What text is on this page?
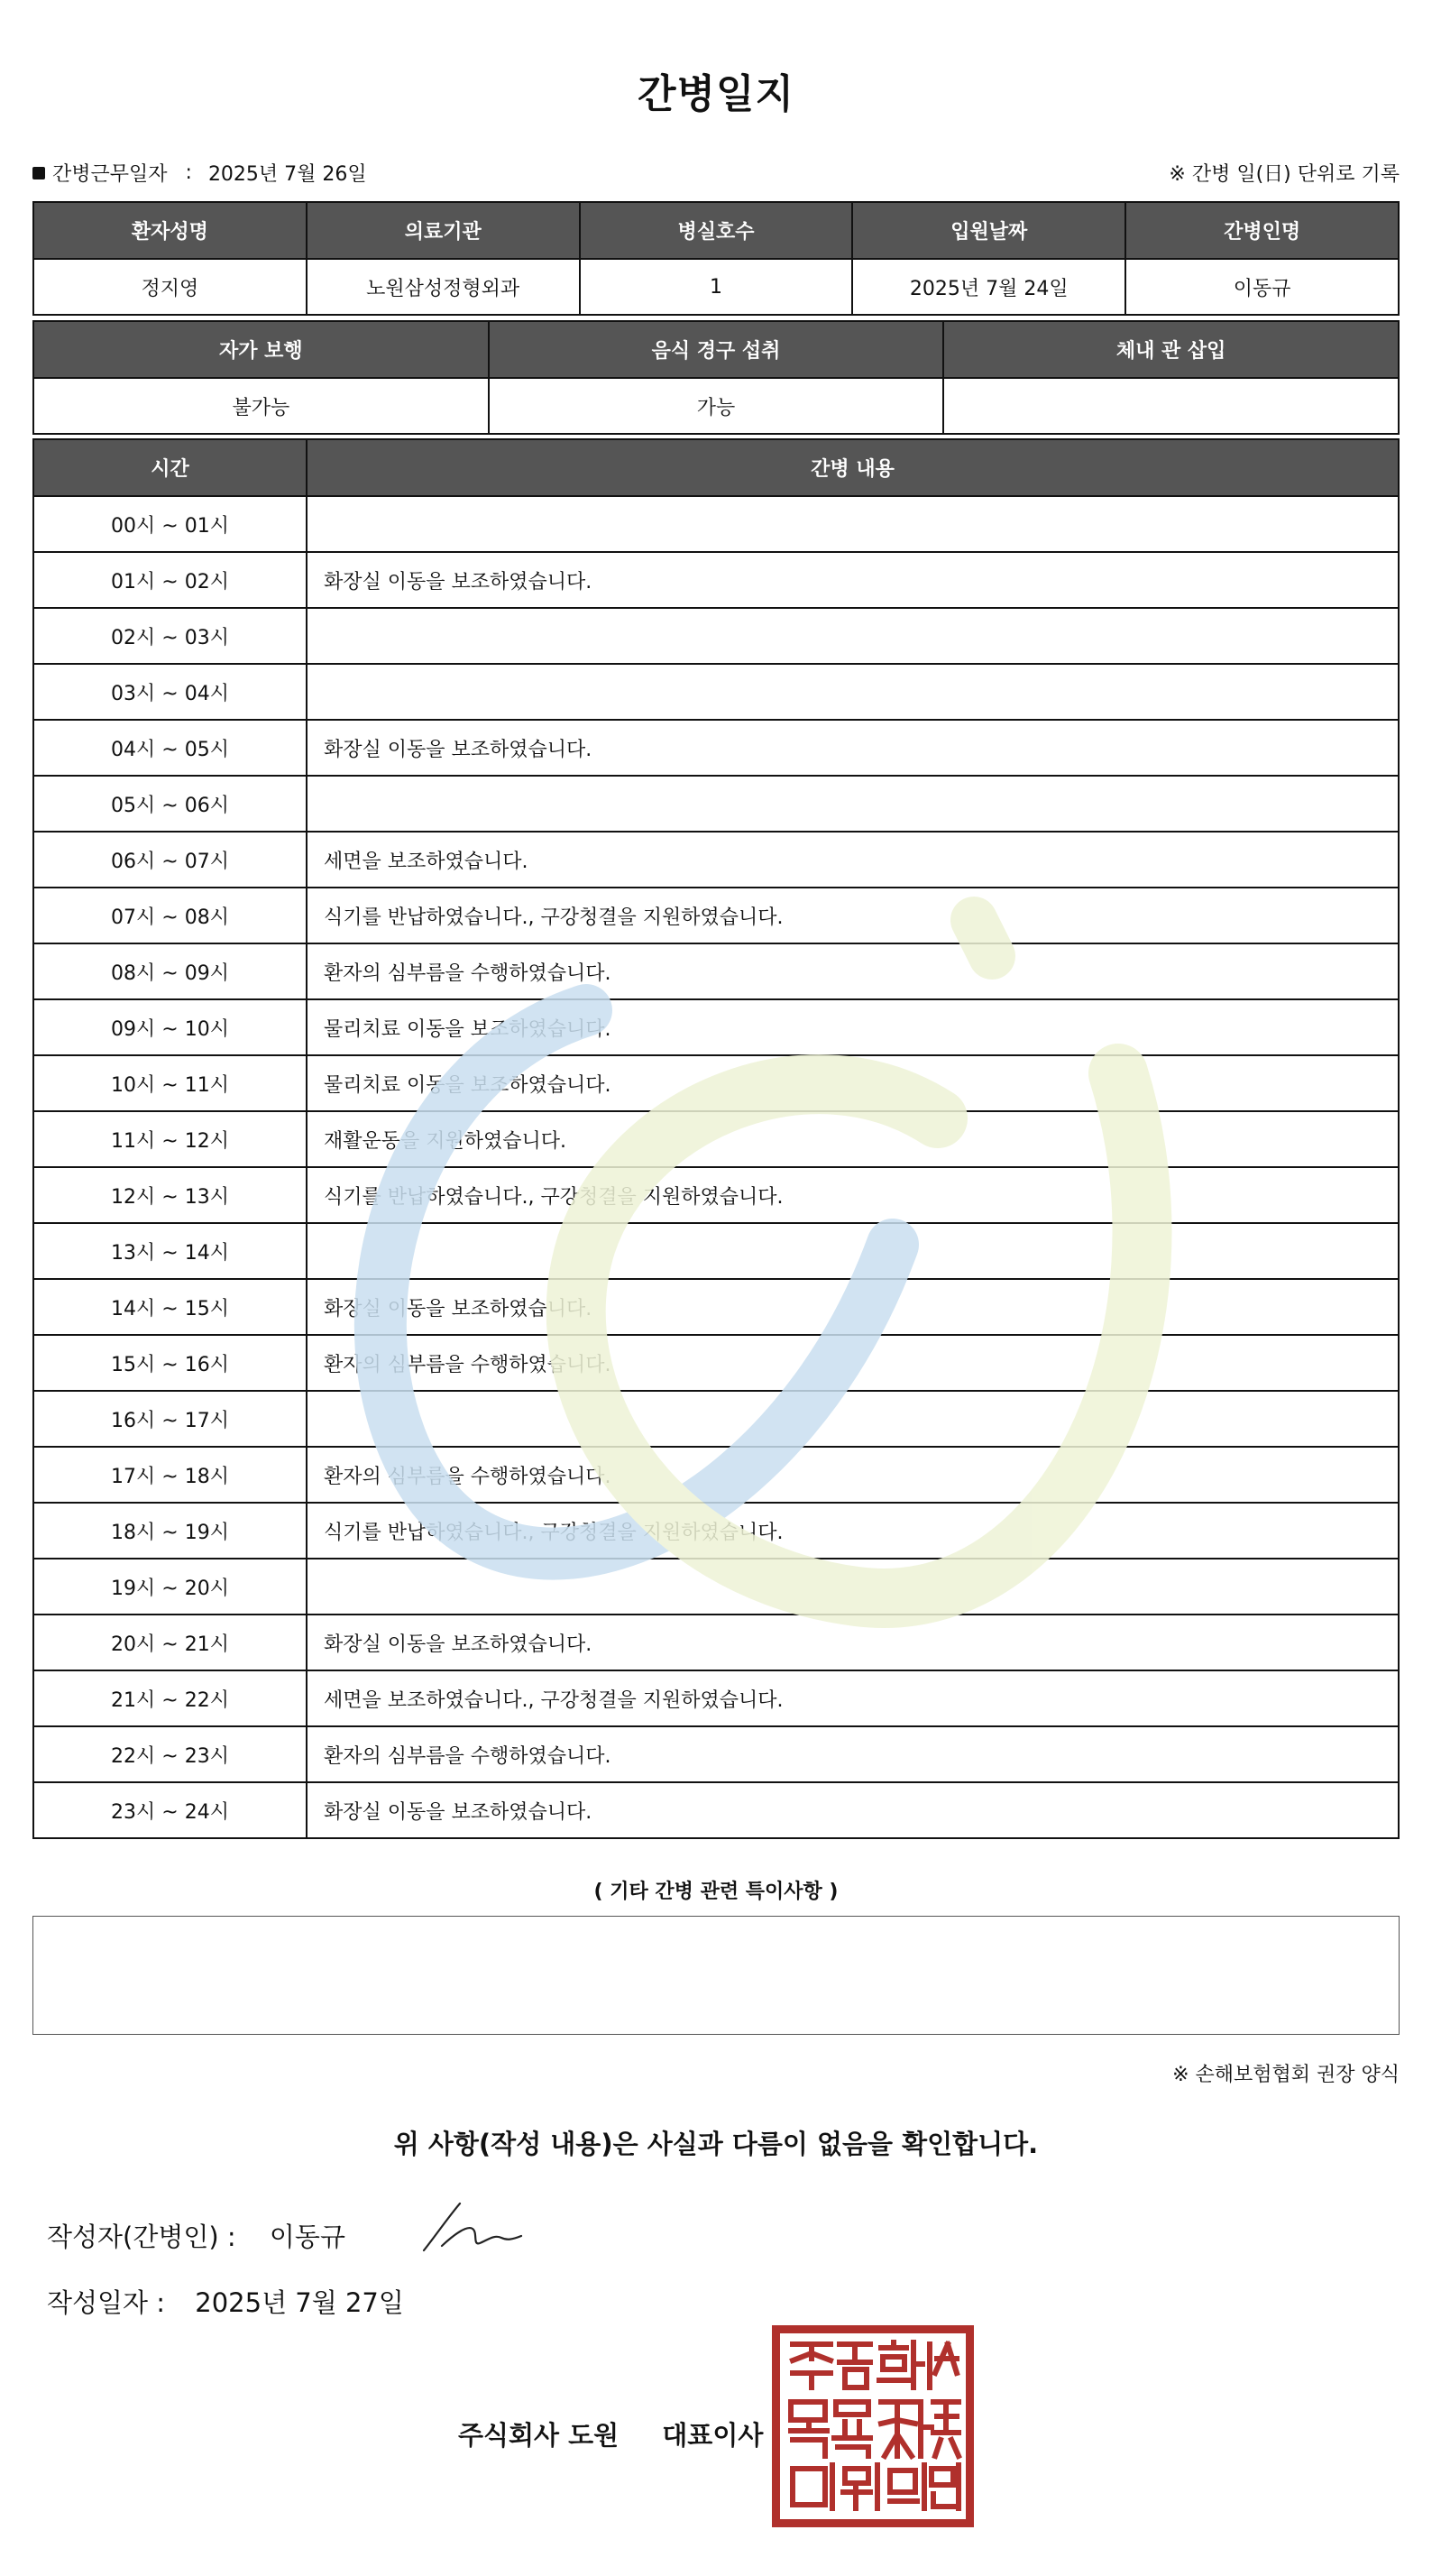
간병일지
간병근무일자 : 2025년 7월 26일	※ 간병 일(日) 단위로 기록
환자성명	의료기관	병실호수	입원날짜	간병인명
정지영	노원삼성정형외과	1	2025년 7월 24일	이동규
자가 보행	음식 경구 섭취	체내 관 삽입
불가능	가능	
시간	간병 내용
00시 ~ 01시	
01시 ~ 02시	화장실 이동을 보조하였습니다.
02시 ~ 03시	
03시 ~ 04시	
04시 ~ 05시	화장실 이동을 보조하였습니다.
05시 ~ 06시	
06시 ~ 07시	세면을 보조하였습니다.
07시 ~ 08시	식기를 반납하였습니다., 구강청결을 지원하였습니다.
08시 ~ 09시	환자의 심부름을 수행하였습니다.
09시 ~ 10시	물리치료 이동을 보조하였습니다.
10시 ~ 11시	물리치료 이동을 보조하였습니다.
11시 ~ 12시	재활운동을 지원하였습니다.
12시 ~ 13시	식기를 반납하였습니다., 구강청결을 지원하였습니다.
13시 ~ 14시	
14시 ~ 15시	화장실 이동을 보조하였습니다.
15시 ~ 16시	환자의 심부름을 수행하였습니다.
16시 ~ 17시	
17시 ~ 18시	환자의 심부름을 수행하였습니다.
18시 ~ 19시	식기를 반납하였습니다., 구강청결을 지원하였습니다.
19시 ~ 20시	
20시 ~ 21시	화장실 이동을 보조하였습니다.
21시 ~ 22시	세면을 보조하였습니다., 구강청결을 지원하였습니다.
22시 ~ 23시	환자의 심부름을 수행하였습니다.
23시 ~ 24시	화장실 이동을 보조하였습니다.
( 기타 간병 관련 특이사항 )
※ 손해보험협회 권장 양식
위 사항(작성 내용)은 사실과 다름이 없음을 확인합니다.
작성자(간병인) : 이동규
작성일자 : 2025년 7월 27일
주식회사 도원 대표이사
